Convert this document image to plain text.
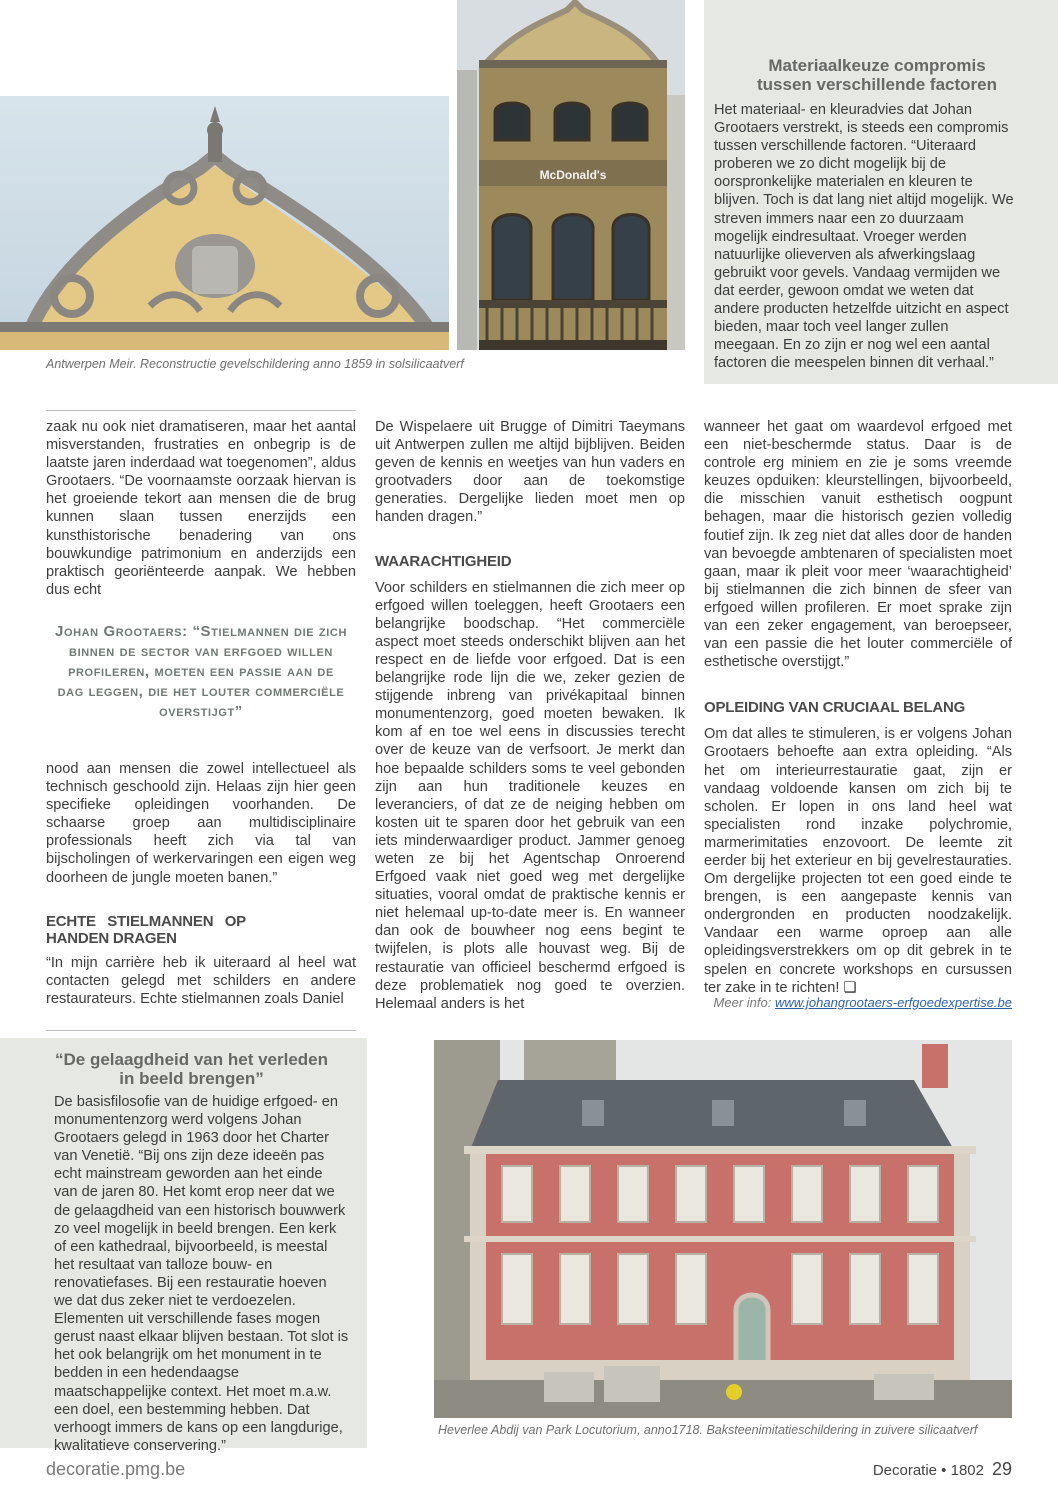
Antwerpen Meir. Reconstructie gevelschildering anno 1859 in solsilicaatverf
McDonald's
Materiaalkeuze compromis tussen verschillende factoren

Het materiaal- en kleuradvies dat Johan Grootaers verstrekt, is steeds een compromis tussen verschillende factoren. “Uiteraard proberen we zo dicht mogelijk bij de oorspronkelijke materialen en kleuren te blijven. Toch is dat lang niet altijd mogelijk. We streven immers naar een zo duurzaam mogelijk eindresultaat. Vroeger werden natuurlijke olieverven als afwerkingslaag gebruikt voor gevels. Vandaag vermijden we dat eerder, gewoon omdat we weten dat andere producten hetzelfde uitzicht en aspect bieden, maar toch veel langer zullen meegaan. En zo zijn er nog wel een aantal factoren die meespelen binnen dit verhaal.”

zaak nu ook niet dramatiseren, maar het aantal misverstanden, frustraties en onbegrip is de laatste jaren inderdaad wat toegenomen”, aldus Grootaers. “De voornaamste oorzaak hiervan is het groeiende tekort aan mensen die de brug kunnen slaan tussen enerzijds een kunsthistorische benadering van ons bouwkundige patrimonium en anderzijds een praktisch georiënteerde aanpak. We hebben dus echt

Johan Grootaers: “Stielmannen die zich binnen de sector van erfgoed willen profileren, moeten een passie aan de dag leggen, die het louter commerciële overstijgt”

nood aan mensen die zowel intellectueel als technisch geschoold zijn. Helaas zijn hier geen specifieke opleidingen voorhanden. De schaarse groep aan multidisciplinaire professionals heeft zich via tal van bijscholingen of werkervaringen een eigen weg doorheen de jungle moeten banen.”

ECHTE STIELMANNEN OP HANDEN DRAGEN

“In mijn carrière heb ik uiteraard al heel wat contacten gelegd met schilders en andere restaurateurs. Echte stielmannen zoals Daniel

De Wispelaere uit Brugge of Dimitri Taeymans uit Antwerpen zullen me altijd bijblijven. Beiden geven de kennis en weetjes van hun vaders en grootvaders door aan de toekomstige generaties. Dergelijke lieden moet men op handen dragen.”

WAARACHTIGHEID

Voor schilders en stielmannen die zich meer op erfgoed willen toeleggen, heeft Grootaers een belangrijke boodschap. “Het commerciële aspect moet steeds onderschikt blijven aan het respect en de liefde voor erfgoed. Dat is een belangrijke rode lijn die we, zeker gezien de stijgende inbreng van privékapitaal binnen monumentenzorg, goed moeten bewaken. Ik kom af en toe wel eens in discussies terecht over de keuze van de verfsoort. Je merkt dan hoe bepaalde schilders soms te veel gebonden zijn aan hun traditionele keuzes en leveranciers, of dat ze de neiging hebben om kosten uit te sparen door het gebruik van een iets minderwaardiger product. Jammer genoeg weten ze bij het Agentschap Onroerend Erfgoed vaak niet goed weg met dergelijke situaties, vooral omdat de praktische kennis er niet helemaal up-to-date meer is. En wanneer dan ook de bouwheer nog eens begint te twijfelen, is plots alle houvast weg. Bij de restauratie van officieel beschermd erfgoed is deze problematiek nog goed te overzien. Helemaal anders is het

wanneer het gaat om waardevol erfgoed met een niet-beschermde status. Daar is de controle erg miniem en zie je soms vreemde keuzes opduiken: kleurstellingen, bijvoorbeeld, die misschien vanuit esthetisch oogpunt behagen, maar die historisch gezien volledig foutief zijn. Ik zeg niet dat alles door de handen van bevoegde ambtenaren of specialisten moet gaan, maar ik pleit voor meer ‘waarachtigheid’ bij stielmannen die zich binnen de sfeer van erfgoed willen profileren. Er moet sprake zijn van een zeker engagement, van beroepseer, van een passie die het louter commerciële of esthetische overstijgt.”

OPLEIDING VAN CRUCIAAL BELANG

Om dat alles te stimuleren, is er volgens Johan Grootaers behoefte aan extra opleiding. “Als het om interieurrestauratie gaat, zijn er vandaag voldoende kansen om zich bij te scholen. Er lopen in ons land heel wat specialisten rond inzake polychromie, marmerimitaties enzovoort. De leemte zit eerder bij het exterieur en bij gevelrestauraties. Om dergelijke projecten tot een goed einde te brengen, is een aangepaste kennis van ondergronden en producten noodzakelijk. Vandaar een warme oproep aan alle opleidingsverstrekkers om op dit gebrek in te spelen en concrete workshops en cursussen ter zake in te richten! ❏

Meer info: www.johangrootaers-erfgoedexpertise.be
“De gelaagdheid van het verleden in beeld brengen”

De basisfilosofie van de huidige erfgoed- en monumentenzorg werd volgens Johan Grootaers gelegd in 1963 door het Charter van Venetië. “Bij ons zijn deze ideeën pas echt mainstream geworden aan het einde van de jaren 80. Het komt erop neer dat we de gelaagdheid van een historisch bouwwerk zo veel mogelijk in beeld brengen. Een kerk of een kathedraal, bijvoorbeeld, is meestal het resultaat van talloze bouw- en renovatiefases. Bij een restauratie hoeven we dat dus zeker niet te verdoezelen. Elementen uit verschillende fases mogen gerust naast elkaar blijven bestaan. Tot slot is het ook belangrijk om het monument in te bedden in een hedendaagse maatschappelijke context. Het moet m.a.w. een doel, een bestemming hebben. Dat verhoogt immers de kans op een langdurige, kwalitatieve conservering.”

Heverlee Abdij van Park Locutorium, anno1718. Baksteenimitatieschildering in zuivere silicaatverf
decoratie.pmg.be	Decoratie • 1802 29
